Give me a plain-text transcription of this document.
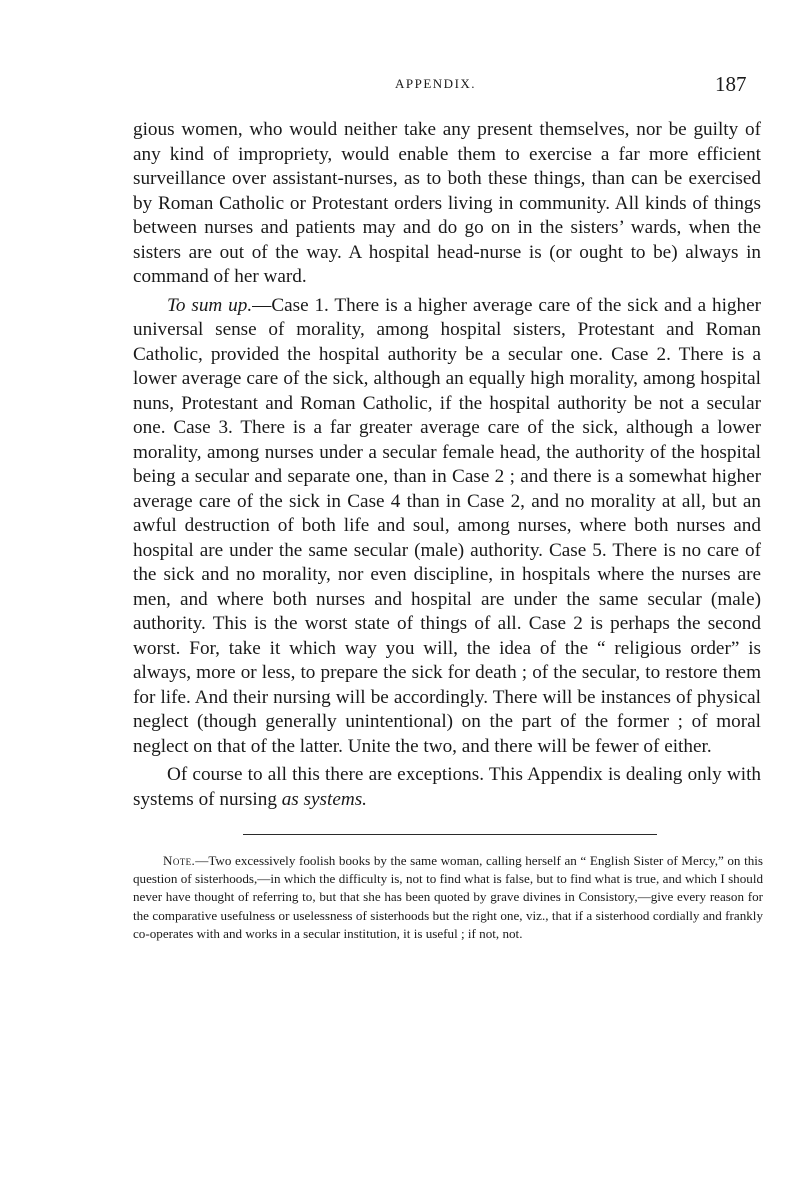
APPENDIX.	187

gious women, who would neither take any present themselves, nor be guilty of any kind of impropriety, would enable them to exercise a far more efficient surveillance over assistant-nurses, as to both these things, than can be exercised by Roman Catholic or Protestant orders living in community. All kinds of things between nurses and patients may and do go on in the sisters’ wards, when the sisters are out of the way. A hospital head-nurse is (or ought to be) always in command of her ward.

To sum up.—Case 1. There is a higher average care of the sick and a higher universal sense of morality, among hospital sisters, Protestant and Roman Catholic, provided the hospital authority be a secular one. Case 2. There is a lower average care of the sick, although an equally high morality, among hospital nuns, Protestant and Roman Catholic, if the hospital authority be not a secular one. Case 3. There is a far greater average care of the sick, although a lower morality, among nurses under a secular female head, the authority of the hospital being a secular and separate one, than in Case 2 ; and there is a somewhat higher average care of the sick in Case 4 than in Case 2, and no morality at all, but an awful destruction of both life and soul, among nurses, where both nurses and hospital are under the same secular (male) authority. Case 5. There is no care of the sick and no morality, nor even discipline, in hospitals where the nurses are men, and where both nurses and hospital are under the same secular (male) authority. This is the worst state of things of all. Case 2 is perhaps the second worst. For, take it which way you will, the idea of the “ religious order” is always, more or less, to prepare the sick for death ; of the secular, to restore them for life. And their nursing will be accordingly. There will be instances of physical neglect (though generally unintentional) on the part of the former ; of moral neglect on that of the latter. Unite the two, and there will be fewer of either.

Of course to all this there are exceptions. This Appendix is dealing only with systems of nursing as systems.

Note.—Two excessively foolish books by the same woman, calling herself an “ English Sister of Mercy,” on this question of sisterhoods,—in which the difficulty is, not to find what is false, but to find what is true, and which I should never have thought of referring to, but that she has been quoted by grave divines in Consistory,—give every reason for the comparative usefulness or uselessness of sisterhoods but the right one, viz., that if a sisterhood cordially and frankly co-operates with and works in a secular institution, it is useful ; if not, not.
